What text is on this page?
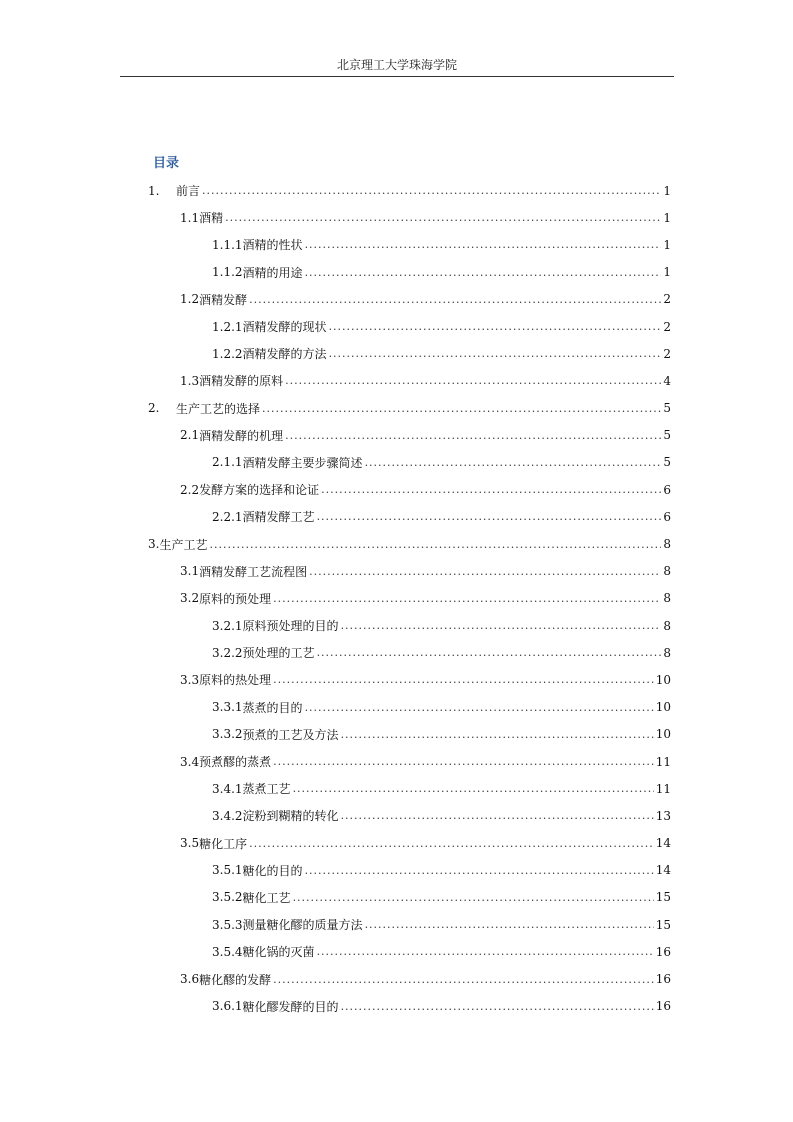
北京理工大学珠海学院
目录
1.	前言 .....	1
1.1 酒精 .....	1
1.1.1 酒精的性状 .....	1
1.1.2 酒精的用途 .....	1
1.2 酒精发酵 .....	2
1.2.1 酒精发酵的现状 .....	2
1.2.2 酒精发酵的方法 .....	2
1.3 酒精发酵的原料 .....	4
2.	生产工艺的选择 .....	5
2.1 酒精发酵的机理 .....	5
2.1.1 酒精发酵主要步骤简述 .....	5
2.2 发酵方案的选择和论证 .....	6
2.2.1 酒精发酵工艺 .....	6
3. 生产工艺 .....	8
3.1 酒精发酵工艺流程图 .....	8
3.2 原料的预处理 .....	8
3.2.1 原料预处理的目的 .....	8
3.2.2 预处理的工艺 .....	8
3.3 原料的热处理 .....	10
3.3.1 蒸煮的目的 .....	10
3.3.2 预煮的工艺及方法 .....	10
3.4 预煮醪的蒸煮 .....	11
3.4.1 蒸煮工艺 .....	11
3.4.2 淀粉到糊精的转化 .....	13
3.5 糖化工序 .....	14
3.5.1 糖化的目的 .....	14
3.5.2 糖化工艺 .....	15
3.5.3 测量糖化醪的质量方法 .....	15
3.5.4 糖化锅的灭菌 .....	16
3.6 糖化醪的发酵 .....	16
3.6.1 糖化醪发酵的目的 .....	16
